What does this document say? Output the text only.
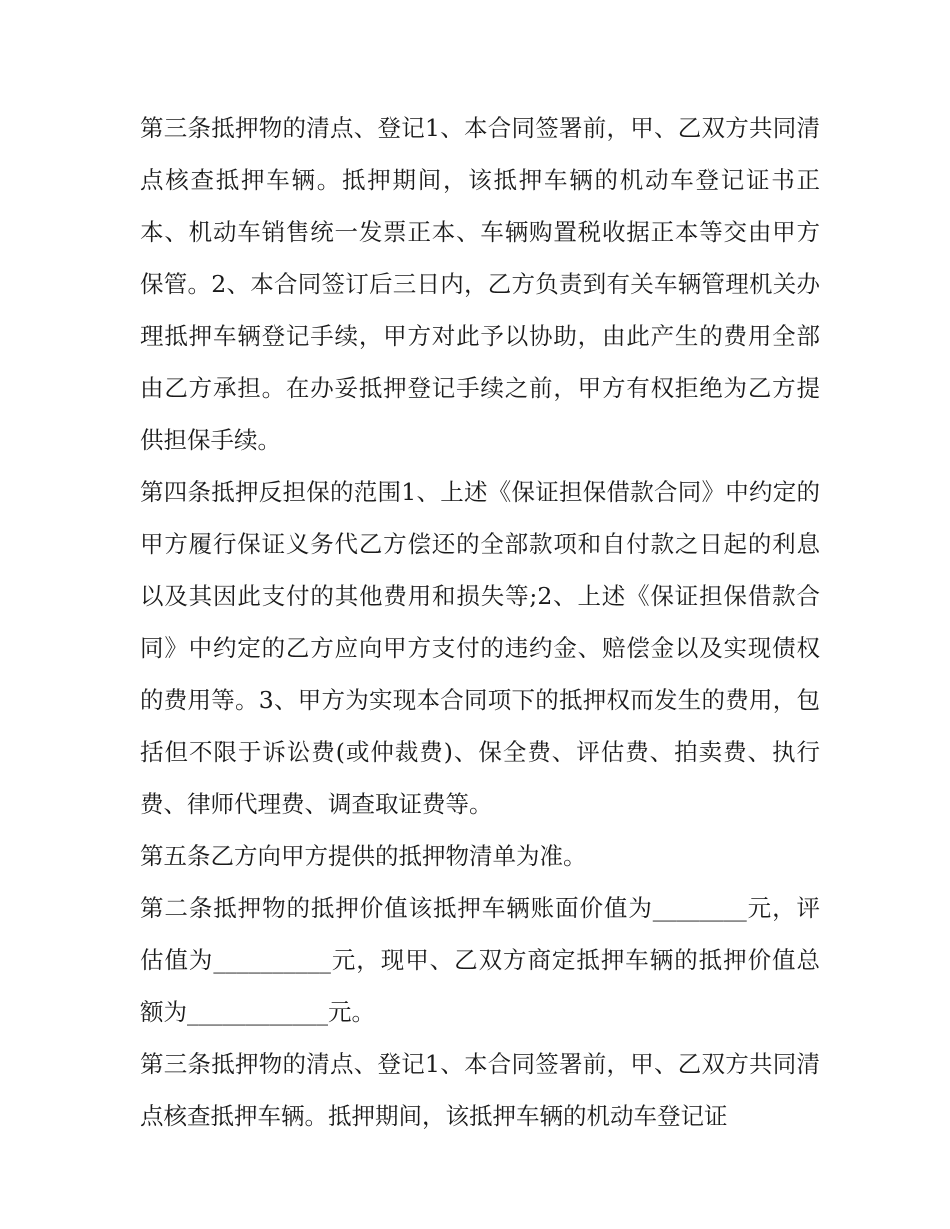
第三条抵押物的清点、登记1、本合同签署前，甲、乙双方共同清点核查抵押车辆。抵押期间，该抵押车辆的机动车登记证书正本、机动车销售统一发票正本、车辆购置税收据正本等交由甲方保管。2、本合同签订后三日内，乙方负责到有关车辆管理机关办理抵押车辆登记手续，甲方对此予以协助，由此产生的费用全部由乙方承担。在办妥抵押登记手续之前，甲方有权拒绝为乙方提供担保手续。

第四条抵押反担保的范围1、上述《保证担保借款合同》中约定的甲方履行保证义务代乙方偿还的全部款项和自付款之日起的利息以及其因此支付的其他费用和损失等;2、上述《保证担保借款合同》中约定的乙方应向甲方支付的违约金、赔偿金以及实现债权的费用等。3、甲方为实现本合同项下的抵押权而发生的费用，包括但不限于诉讼费(或仲裁费)、保全费、评估费、拍卖费、执行费、律师代理费、调查取证费等。

第五条乙方向甲方提供的抵押物清单为准。

第二条抵押物的抵押价值该抵押车辆账面价值为________元，评估值为__________元，现甲、乙双方商定抵押车辆的抵押价值总额为____________元。

第三条抵押物的清点、登记1、本合同签署前，甲、乙双方共同清点核查抵押车辆。抵押期间，该抵押车辆的机动车登记证
